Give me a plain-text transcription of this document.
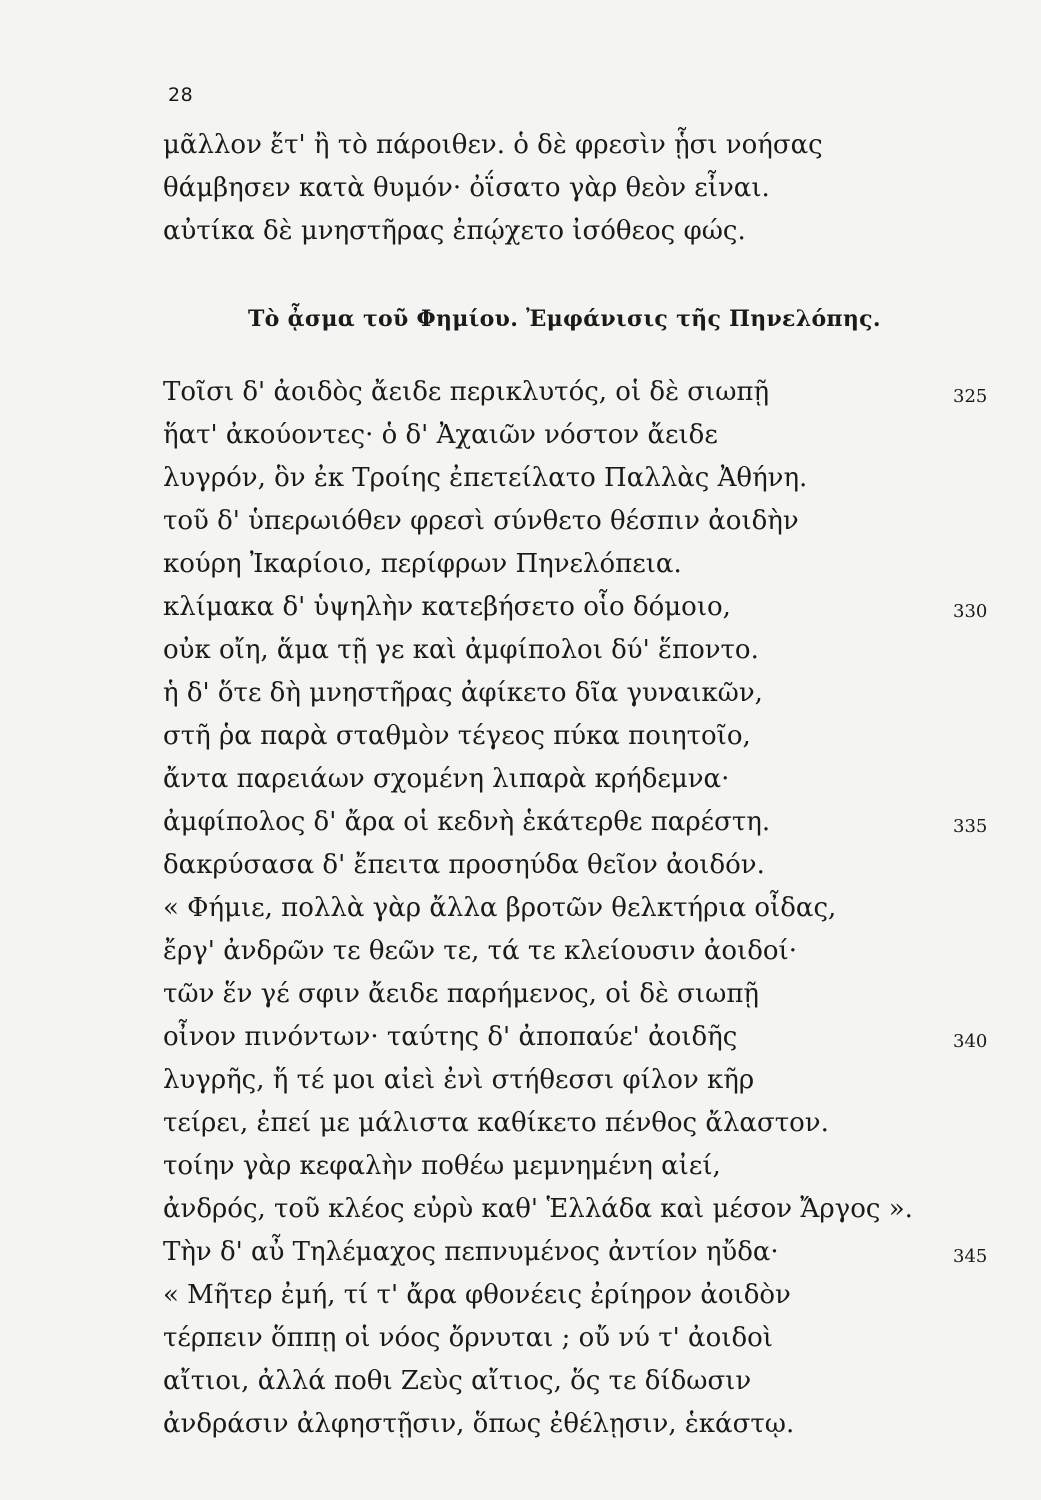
28
μᾶλλον ἔτ' ἢ τὸ πάροιθεν. ὁ δὲ φρεσὶν ᾗσι νοήσας
θάμβησεν κατὰ θυμόν· ὀΐσατο γὰρ θεὸν εἶναι.
αὐτίκα δὲ μνηστῆρας ἐπῴχετο ἰσόθεος φώς.
Τὸ ᾆσμα τοῦ Φημίου. Ἐμφάνισις τῆς Πηνελόπης.
Τοῖσι δ' ἀοιδὸς ἄειδε περικλυτός, οἱ δὲ σιωπῇ	325
ἥατ' ἀκούοντες· ὁ δ' Ἀχαιῶν νόστον ἄειδε
λυγρόν, ὃν ἐκ Τροίης ἐπετείλατο Παλλὰς Ἀθήνη.
τοῦ δ' ὑπερωιόθεν φρεσὶ σύνθετο θέσπιν ἀοιδὴν
κούρη Ἰκαρίοιο, περίφρων Πηνελόπεια.
κλίμακα δ' ὑψηλὴν κατεβήσετο οἷο δόμοιο,	330
οὐκ οἴη, ἅμα τῇ γε καὶ ἀμφίπολοι δύ' ἕποντο.
ἡ δ' ὅτε δὴ μνηστῆρας ἀφίκετο δῖα γυναικῶν,
στῆ ῥα παρὰ σταθμὸν τέγεος πύκα ποιητοῖο,
ἄντα παρειάων σχομένη λιπαρὰ κρήδεμνα·
ἀμφίπολος δ' ἄρα οἱ κεδνὴ ἑκάτερθε παρέστη.	335
δακρύσασα δ' ἔπειτα προσηύδα θεῖον ἀοιδόν.
« Φήμιε, πολλὰ γὰρ ἄλλα βροτῶν θελκτήρια οἶδας,
ἔργ' ἀνδρῶν τε θεῶν τε, τά τε κλείουσιν ἀοιδοί·
τῶν ἕν γέ σφιν ἄειδε παρήμενος, οἱ δὲ σιωπῇ
οἶνον πινόντων· ταύτης δ' ἀποπαύε' ἀοιδῆς	340
λυγρῆς, ἥ τέ μοι αἰεὶ ἐνὶ στήθεσσι φίλον κῆρ
τείρει, ἐπεί με μάλιστα καθίκετο πένθος ἄλαστον.
τοίην γὰρ κεφαλὴν ποθέω μεμνημένη αἰεί,
ἀνδρός, τοῦ κλέος εὐρὺ καθ' Ἑλλάδα καὶ μέσον Ἄργος ».
Τὴν δ' αὖ Τηλέμαχος πεπνυμένος ἀντίον ηὔδα·	345
« Μῆτερ ἐμή, τί τ' ἄρα φθονέεις ἐρίηρον ἀοιδὸν
τέρπειν ὅππῃ οἱ νόος ὄρνυται ; οὔ νύ τ' ἀοιδοὶ
αἴτιοι, ἀλλά ποθι Ζεὺς αἴτιος, ὅς τε δίδωσιν
ἀνδράσιν ἀλφηστῇσιν, ὅπως ἐθέλῃσιν, ἑκάστῳ.
